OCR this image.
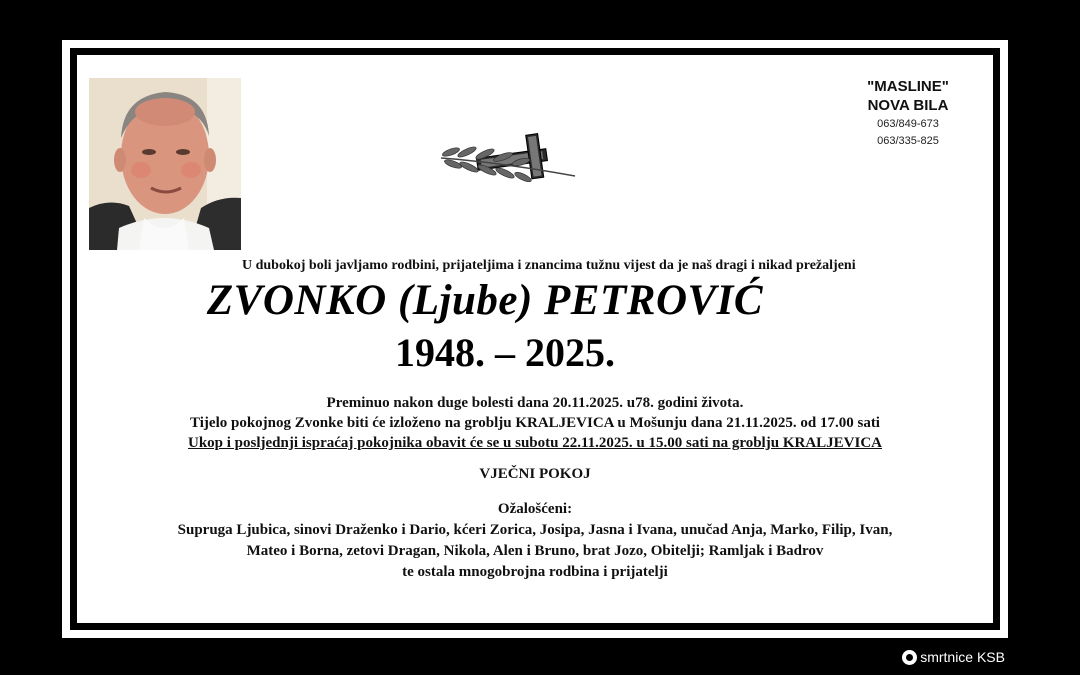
"MASLINE"
NOVA BILA
063/849-673
063/335-825
U dubokoj boli javljamo rodbini, prijateljima i znancima tužnu vijest da je naš dragi i nikad prežaljeni
ZVONKO (Ljube) PETROVIĆ
1948. – 2025.
Preminuo nakon duge bolesti dana 20.11.2025. u78. godini života.
Tijelo pokojnog Zvonke biti će izloženo na groblju KRALJEVICA u Mošunju dana 21.11.2025. od 17.00 sati
Ukop i posljednji ispraćaj pokojnika obavit će se u subotu 22.11.2025. u 15.00 sati na groblju KRALJEVICA
VJEČNI POKOJ
Ožalošćeni:
Supruga Ljubica, sinovi Draženko i Dario, kćeri Zorica, Josipa, Jasna i Ivana, unučad Anja, Marko, Filip, Ivan,
Mateo i Borna, zetovi Dragan, Nikola, Alen i Bruno, brat Jozo, Obitelji; Ramljak i Badrov
te ostala mnogobrojna rodbina i prijatelji
smrtnice KSB
